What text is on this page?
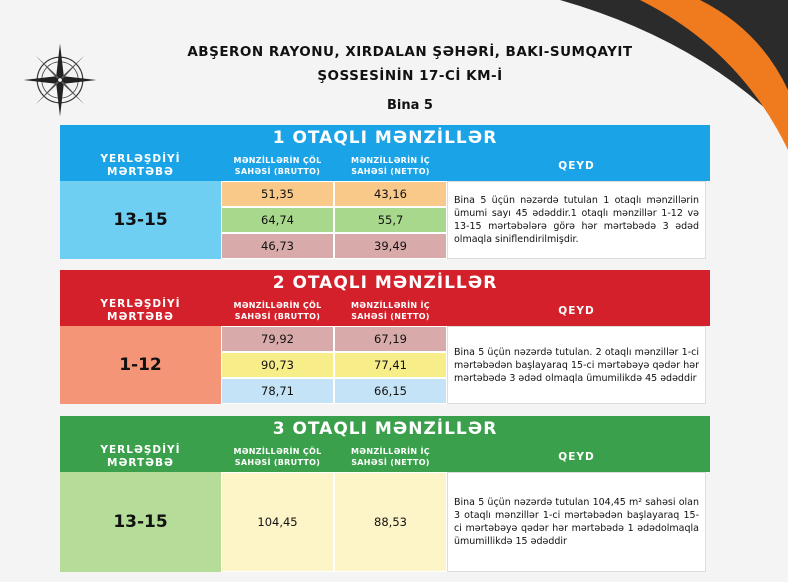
ABŞERON RAYONU, XIRDALAN ŞƏHƏRİ, BAKI-SUMQAYIT
ŞOSSESİNİN 17-Cİ KM-İ
Bina 5
1 OTAQLI MƏNZİLLƏR
YERLƏŞDİYİ
MƏRTƏBƏ
MƏNZİLLƏRİN ÇÖL
SAHƏSİ (BRUTTO)
MƏNZİLLƏRİN İÇ
SAHƏSİ (NETTO)	QEYD
13-15
51,35	43,16
64,74	55,7
46,73	39,49
Bina 5 üçün nəzərdə tutulan 1 otaqlı mənzillərin ümumi sayı 45 ədəddir.1 otaqlı mənzillər 1-12 və 13-15 mərtəbələrə görə hər mərtəbədə 3 ədəd olmaqla siniflendirilmişdir.
2 OTAQLI MƏNZİLLƏR
YERLƏŞDİYİ
MƏRTƏBƏ
MƏNZİLLƏRİN ÇÖL
SAHƏSİ (BRUTTO)
MƏNZİLLƏRİN İÇ
SAHƏSİ (NETTO)	QEYD
1-12
79,92	67,19
90,73	77,41
78,71	66,15
Bina 5 üçün nəzərdə tutulan. 2 otaqlı mənzillər 1-ci mərtəbədən başlayaraq 15-ci mərtəbəyə qədər hər mərtəbədə 3 ədəd olmaqla ümumilikdə 45 ədəddir
3 OTAQLI MƏNZİLLƏR
YERLƏŞDİYİ
MƏRTƏBƏ
MƏNZİLLƏRİN ÇÖL
SAHƏSİ (BRUTTO)
MƏNZİLLƏRİN İÇ
SAHƏSİ (NETTO)	QEYD
13-15	104,45	88,53
Bina 5 üçün nəzərdə tutulan 104,45 m² sahəsi olan 3 otaqlı mənzillər 1-ci mərtəbədən başlayaraq 15-ci mərtəbəyə qədər hər mərtəbədə 1 ədədolmaqla ümumillikdə 15 ədəddir
